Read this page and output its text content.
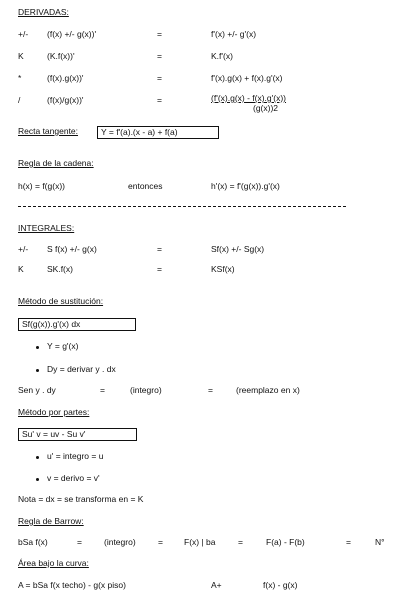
DERIVADAS:
+/- (f(x) +/- g(x))'	=	f'(x) +/- g'(x)
K	(K.f(x))'	=	K.f'(x)
*	(f(x).g(x))'	=	f'(x).g(x) + f(x).g'(x)
/	(f(x)/g(x))'	=	(f'(x).g(x) - f(x).g'(x))
(g(x))2
Recta tangente:	Y = f'(a).(x - a) + f(a)
Regla de la cadena:
h(x) = f(g(x))	entonces	h'(x) = f'(g(x)).g'(x)
INTEGRALES:
+/- S f(x) +/- g(x)	=	Sf(x) +/- Sg(x)
K	SK.f(x)	=	KSf(x)
Método de sustitución:
Sf(g(x)).g'(x) dx
Y = g'(x)
Dy = derivar y . dx
Sen y . dy	=	(integro)	=	(reemplazo en x)
Método por partes:
Su' v = uv - Su v'
u' = integro = u
v = derivo = v'
Nota = dx = se transforma en = K
Regla de Barrow:
bSa f(x)	=	(integro)	= F(x) | ba	=	F(a) - F(b)	=	N°
Área bajo la curva:
A = bSa f(x techo) - g(x piso)	A+	f(x) - g(x)
